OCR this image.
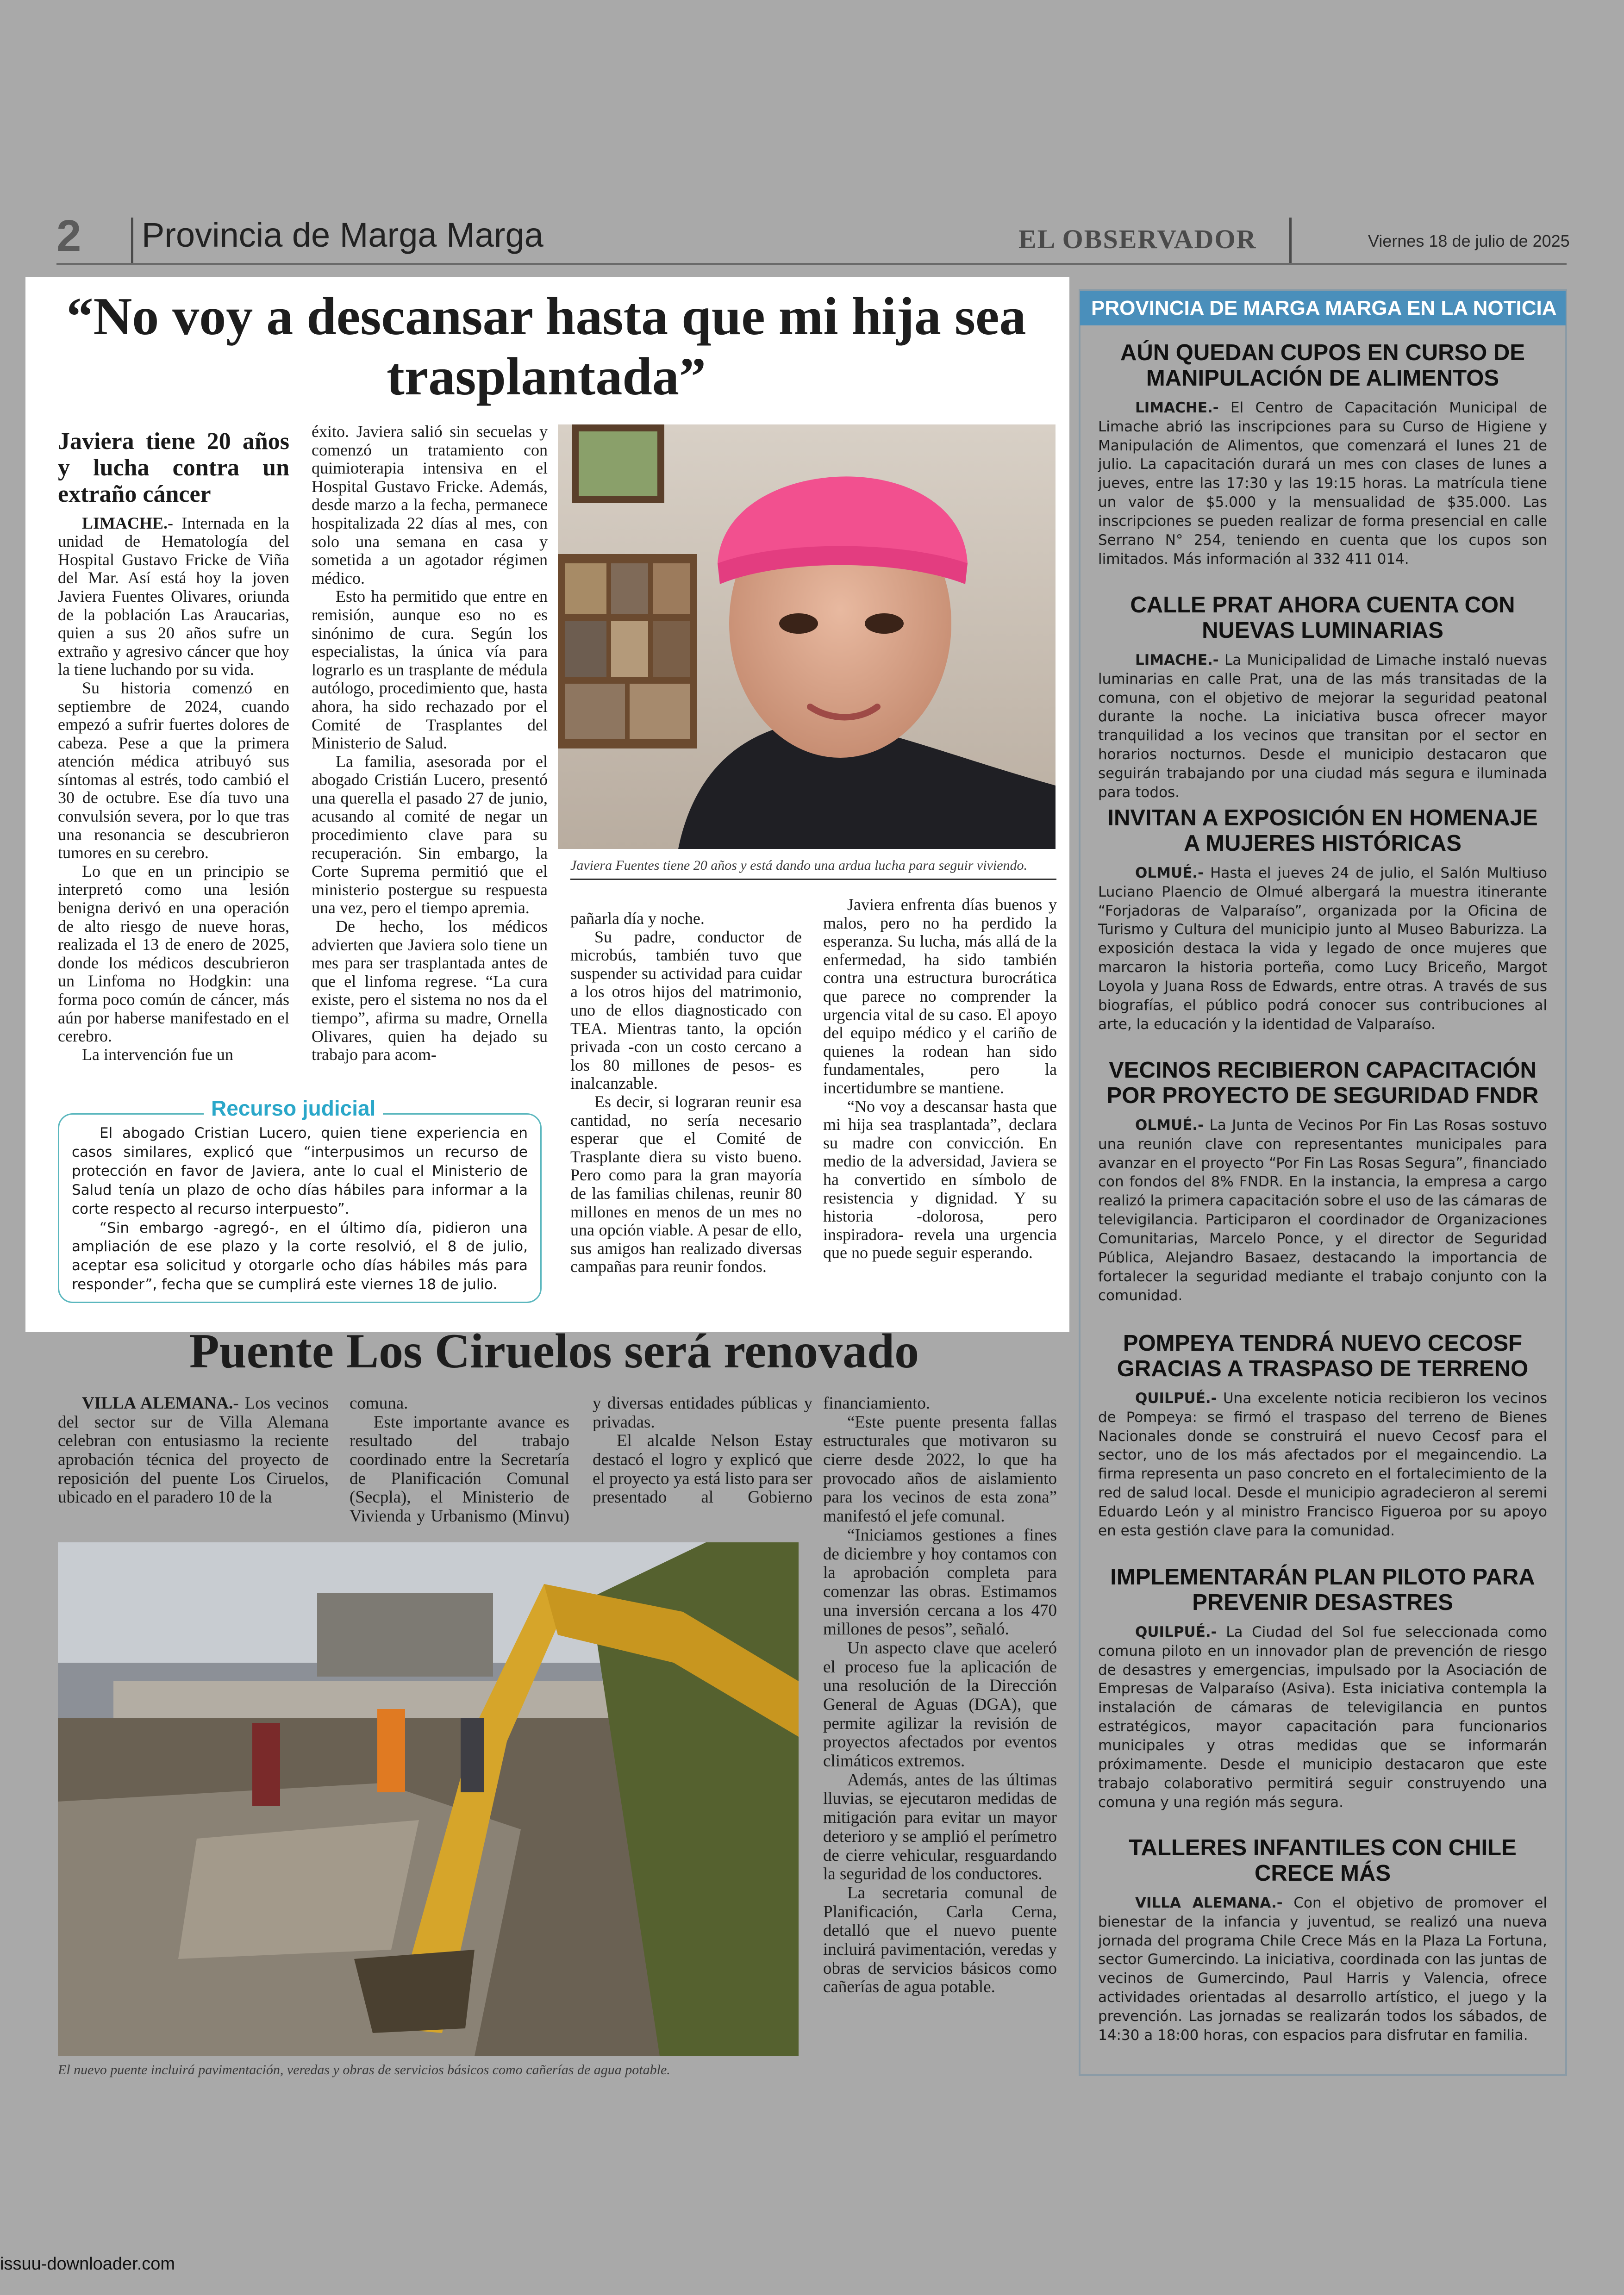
2 Provincia de Marga Marga	EL OBSERVADOR	Viernes 18 de julio de 2025
“No voy a descansar hasta que mi hija sea trasplantada”
Javiera tiene 20 años y lucha contra un extraño cáncer

LIMACHE.- Internada en la unidad de Hematología del Hospital Gustavo Fricke de Viña del Mar. Así está hoy la joven Javiera Fuentes Olivares, oriunda de la población Las Araucarias, quien a sus 20 años sufre un extraño y agresivo cáncer que hoy la tiene luchando por su vida.

Su historia comenzó en septiembre de 2024, cuando empezó a sufrir fuertes dolores de cabeza. Pese a que la primera atención médica atribuyó sus síntomas al estrés, todo cambió el 30 de octubre. Ese día tuvo una convulsión severa, por lo que tras una resonancia se descubrieron tumores en su cerebro.

Lo que en un principio se interpretó como una lesión benigna derivó en una operación de alto riesgo de nueve horas, realizada el 13 de enero de 2025, donde los médicos descubrieron un Linfoma no Hodgkin: una forma poco común de cáncer, más aún por haberse manifestado en el cerebro.

La intervención fue un

éxito. Javiera salió sin secuelas y comenzó un tratamiento con quimioterapia intensiva en el Hospital Gustavo Fricke. Además, desde marzo a la fecha, permanece hospitalizada 22 días al mes, con solo una semana en casa y sometida a un agotador régimen médico.

Esto ha permitido que entre en remisión, aunque eso no es sinónimo de cura. Según los especialistas, la única vía para lograrlo es un trasplante de médula autólogo, procedimiento que, hasta ahora, ha sido rechazado por el Comité de Trasplantes del Ministerio de Salud.

La familia, asesorada por el abogado Cristián Lucero, presentó una querella el pasado 27 de junio, acusando al comité de negar un procedimiento clave para su recuperación. Sin embargo, la Corte Suprema permitió que el ministerio postergue su respuesta una vez, pero el tiempo apremia.

De hecho, los médicos advierten que Javiera solo tiene un mes para ser trasplantada antes de que el linfoma regrese. “La cura existe, pero el sistema no nos da el tiempo”, afirma su madre, Ornella Olivares, quien ha dejado su trabajo para acom-

Javiera Fuentes tiene 20 años y está dando una ardua lucha para seguir viviendo.

pañarla día y noche.

Su padre, conductor de microbús, también tuvo que suspender su actividad para cuidar a los otros hijos del matrimonio, uno de ellos diagnosticado con TEA. Mientras tanto, la opción privada -con un costo cercano a los 80 millones de pesos- es inalcanzable.

Es decir, si lograran reunir esa cantidad, no sería necesario esperar que el Comité de Trasplante diera su visto bueno. Pero como para la gran mayoría de las familias chilenas, reunir 80 millones en menos de un mes no una opción viable. A pesar de ello, sus amigos han realizado diversas campañas para reunir fondos.

Javiera enfrenta días buenos y malos, pero no ha perdido la esperanza. Su lucha, más allá de la enfermedad, ha sido también contra una estructura burocrática que parece no comprender la urgencia vital de su caso. El apoyo del equipo médico y el cariño de quienes la rodean han sido fundamentales, pero la incertidumbre se mantiene.

“No voy a descansar hasta que mi hija sea trasplantada”, declara su madre con convicción. En medio de la adversidad, Javiera se ha convertido en símbolo de resistencia y dignidad. Y su historia -dolorosa, pero inspiradora- revela una urgencia que no puede seguir esperando.

Recurso judicial

El abogado Cristian Lucero, quien tiene experiencia en casos similares, explicó que “interpusimos un recurso de protección en favor de Javiera, ante lo cual el Ministerio de Salud tenía un plazo de ocho días hábiles para informar a la corte respecto al recurso interpuesto”.

“Sin embargo -agregó-, en el último día, pidieron una ampliación de ese plazo y la corte resolvió, el 8 de julio, aceptar esa solicitud y otorgarle ocho días hábiles más para responder”, fecha que se cumplirá este viernes 18 de julio.

Puente Los Ciruelos será renovado

VILLA ALEMANA.- Los vecinos del sector sur de Villa Alemana celebran con entusiasmo la reciente aprobación técnica del proyecto de reposición del puente Los Ciruelos, ubicado en el paradero 10 de la

comuna.

Este importante avance es resultado del trabajo coordinado entre la Secretaría de Planificación Comunal (Secpla), el Ministerio de Vivienda y Urbanismo (Minvu) y diversas entidades públicas y privadas.

El alcalde Nelson Estay destacó el logro y explicó que el proyecto ya está listo para ser presentado al Gobierno

financiamiento.

“Este puente presenta fallas estructurales que motivaron su cierre desde 2022, lo que ha provocado años de aislamiento para los vecinos de esta zona” manifestó el jefe comunal.

“Iniciamos gestiones a fines de diciembre y hoy contamos con la aprobación completa para comenzar las obras. Estimamos una inversión cercana a los 470 millones de pesos”, señaló.

Un aspecto clave que aceleró el proceso fue la aplicación de una resolución de la Dirección General de Aguas (DGA), que permite agilizar la revisión de proyectos afectados por eventos climáticos extremos.

Además, antes de las últimas lluvias, se ejecutaron medidas de mitigación para evitar un mayor deterioro y se amplió el perímetro de cierre vehicular, resguardando la seguridad de los conductores.

La secretaria comunal de Planificación, Carla Cerna, detalló que el nuevo puente incluirá pavimentación, veredas y obras de servicios básicos como cañerías de agua potable.

El nuevo puente incluirá pavimentación, veredas y obras de servicios básicos como cañerías de agua potable.
PROVINCIA DE MARGA MARGA EN LA NOTICIA
AÚN QUEDAN CUPOS EN CURSO DE MANIPULACIÓN DE ALIMENTOS
LIMACHE.- El Centro de Capacitación Municipal de Limache abrió las inscripciones para su Curso de Higiene y Manipulación de Alimentos, que comenzará el lunes 21 de julio. La capacitación durará un mes con clases de lunes a jueves, entre las 17:30 y las 19:15 horas. La matrícula tiene un valor de $5.000 y la mensualidad de $35.000. Las inscripciones se pueden realizar de forma presencial en calle Serrano N° 254, teniendo en cuenta que los cupos son limitados. Más información al 332 411 014.
CALLE PRAT AHORA CUENTA CON NUEVAS LUMINARIAS
LIMACHE.- La Municipalidad de Limache instaló nuevas luminarias en calle Prat, una de las más transitadas de la comuna, con el objetivo de mejorar la seguridad peatonal durante la noche. La iniciativa busca ofrecer mayor tranquilidad a los vecinos que transitan por el sector en horarios nocturnos. Desde el municipio destacaron que seguirán trabajando por una ciudad más segura e iluminada para todos.
INVITAN A EXPOSICIÓN EN HOMENAJE A MUJERES HISTÓRICAS
OLMUÉ.- Hasta el jueves 24 de julio, el Salón Multiuso Luciano Plaencio de Olmué albergará la muestra itinerante “Forjadoras de Valparaíso”, organizada por la Oficina de Turismo y Cultura del municipio junto al Museo Baburizza. La exposición destaca la vida y legado de once mujeres que marcaron la historia porteña, como Lucy Briceño, Margot Loyola y Juana Ross de Edwards, entre otras. A través de sus biografías, el público podrá conocer sus contribuciones al arte, la educación y la identidad de Valparaíso.
VECINOS RECIBIERON CAPACITACIÓN POR PROYECTO DE SEGURIDAD FNDR
OLMUÉ.- La Junta de Vecinos Por Fin Las Rosas sostuvo una reunión clave con representantes municipales para avanzar en el proyecto “Por Fin Las Rosas Segura”, financiado con fondos del 8% FNDR. En la instancia, la empresa a cargo realizó la primera capacitación sobre el uso de las cámaras de televigilancia. Participaron el coordinador de Organizaciones Comunitarias, Marcelo Ponce, y el director de Seguridad Pública, Alejandro Basaez, destacando la importancia de fortalecer la seguridad mediante el trabajo conjunto con la comunidad.
POMPEYA TENDRÁ NUEVO CECOSF GRACIAS A TRASPASO DE TERRENO
QUILPUÉ.- Una excelente noticia recibieron los vecinos de Pompeya: se firmó el traspaso del terreno de Bienes Nacionales donde se construirá el nuevo Cecosf para el sector, uno de los más afectados por el megaincendio. La firma representa un paso concreto en el fortalecimiento de la red de salud local. Desde el municipio agradecieron al seremi Eduardo León y al ministro Francisco Figueroa por su apoyo en esta gestión clave para la comunidad.
IMPLEMENTARÁN PLAN PILOTO PARA PREVENIR DESASTRES
QUILPUÉ.- La Ciudad del Sol fue seleccionada como comuna piloto en un innovador plan de prevención de riesgo de desastres y emergencias, impulsado por la Asociación de Empresas de Valparaíso (Asiva). Esta iniciativa contempla la instalación de cámaras de televigilancia en puntos estratégicos, mayor capacitación para funcionarios municipales y otras medidas que se informarán próximamente. Desde el municipio destacaron que este trabajo colaborativo permitirá seguir construyendo una comuna y una región más segura.
TALLERES INFANTILES CON CHILE CRECE MÁS
VILLA ALEMANA.- Con el objetivo de promover el bienestar de la infancia y juventud, se realizó una nueva jornada del programa Chile Crece Más en la Plaza La Fortuna, sector Gumercindo. La iniciativa, coordinada con las juntas de vecinos de Gumercindo, Paul Harris y Valencia, ofrece actividades orientadas al desarrollo artístico, el juego y la prevención. Las jornadas se realizarán todos los sábados, de 14:30 a 18:00 horas, con espacios para disfrutar en familia.
issuu-downloader.com
